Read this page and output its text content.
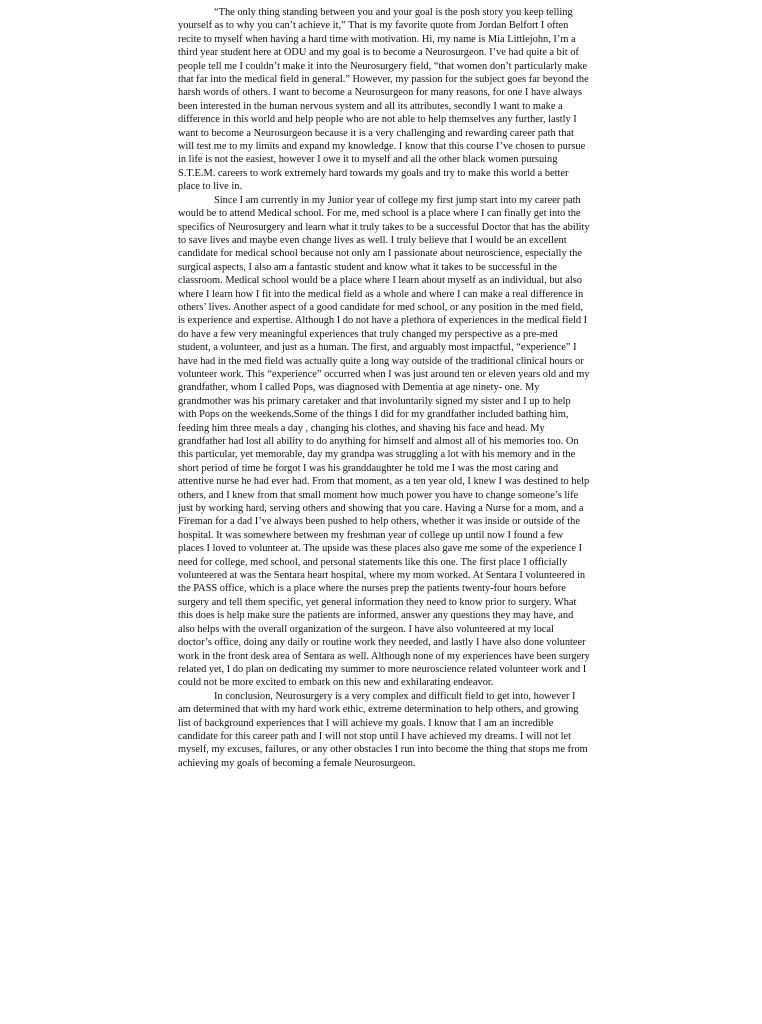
“The only thing standing between you and your goal is the posh story you keep telling yourself as to why you can’t achieve it,” That is my favorite quote from Jordan Belfort I often recite to myself when having a hard time with motivation. Hi, my name is Mia Littlejohn, I’m a third year student here at ODU and my goal is to become a Neurosurgeon. I’ve had quite a bit of people tell me I couldn’t make it into the Neurosurgery field, “that women don’t particularly make that far into the medical field in general.” However, my passion for the subject goes far beyond the harsh words of others. I want to become a Neurosurgeon for many reasons, for one I have always been interested in the human nervous system and all its attributes, secondly I want to make a difference in this world and help people who are not able to help themselves any further, lastly I want to become a Neurosurgeon because it is a very challenging and rewarding career path that will test me to my limits and expand my knowledge. I know that this course I’ve chosen to pursue in life is not the easiest, however I owe it to myself and all the other black women pursuing S.T.E.M. careers to work extremely hard towards my goals and try to make this world a better place to live in.

Since I am currently in my Junior year of college my first jump start into my career path would be to attend Medical school. For me, med school is a place where I can finally get into the specifics of Neurosurgery and learn what it truly takes to be a successful Doctor that has the ability to save lives and maybe even change lives as well. I truly believe that I would be an excellent candidate for medical school because not only am I passionate about neuroscience, especially the surgical aspects, I also am a fantastic student and know what it takes to be successful in the classroom. Medical school would be a place where I learn about myself as an individual, but also where I learn how I fit into the medical field as a whole and where I can make a real difference in others’ lives. Another aspect of a good candidate for med school, or any position in the med field, is experience and expertise. Although I do not have a plethora of experiences in the medical field I do have a few very meaningful experiences that truly changed my perspective as a pre-med student, a volunteer, and just as a human. The first, and arguably most impactful, “experience” I have had in the med field was actually quite a long way outside of the traditional clinical hours or volunteer work. This “experience” occurred when I was just around ten or eleven years old and my grandfather, whom I called Pops, was diagnosed with Dementia at age ninety- one. My grandmother was his primary caretaker and that involuntarily signed my sister and I up to help with Pops on the weekends.Some of the things I did for my grandfather included bathing him, feeding him three meals a day , changing his clothes, and shaving his face and head. My grandfather had lost all ability to do anything for himself and almost all of his memories too. On this particular, yet memorable, day my grandpa was struggling a lot with his memory and in the short period of time he forgot I was his granddaughter he told me I was the most caring and attentive nurse he had ever had. From that moment, as a ten year old, I knew I was destined to help others, and I knew from that small moment how much power you have to change someone’s life just by working hard, serving others and showing that you care. Having a Nurse for a mom, and a Fireman for a dad I’ve always been pushed to help others, whether it was inside or outside of the hospital. It was somewhere between my freshman year of college up until now I found a few places I loved to volunteer at. The upside was these places also gave me some of the experience I need for college, med school, and personal statements like this one. The first place I officially volunteered at was the Sentara heart hospital, where my mom worked. At Sentara I volunteered in the PASS office, which is a place where the nurses prep the patients twenty-four hours before surgery and tell them specific, yet general information they need to know prior to surgery. What this does is help make sure the patients are informed, answer any questions they may have, and also helps with the overall organization of the surgeon. I have also volunteered at my local doctor’s office, doing any daily or routine work they needed, and lastly I have also done volunteer work in the front desk area of Sentara as well. Although none of my experiences have been surgery related yet, I do plan on dedicating my summer to more neuroscience related volunteer work and I could not be more excited to embark on this new and exhilarating endeavor.

In conclusion, Neurosurgery is a very complex and difficult field to get into, however I am determined that with my hard work ethic, extreme determination to help others, and growing list of background experiences that I will achieve my goals. I know that I am an incredible candidate for this career path and I will not stop until I have achieved my dreams. I will not let myself, my excuses, failures, or any other obstacles I run into become the thing that stops me from achieving my goals of becoming a female Neurosurgeon.
